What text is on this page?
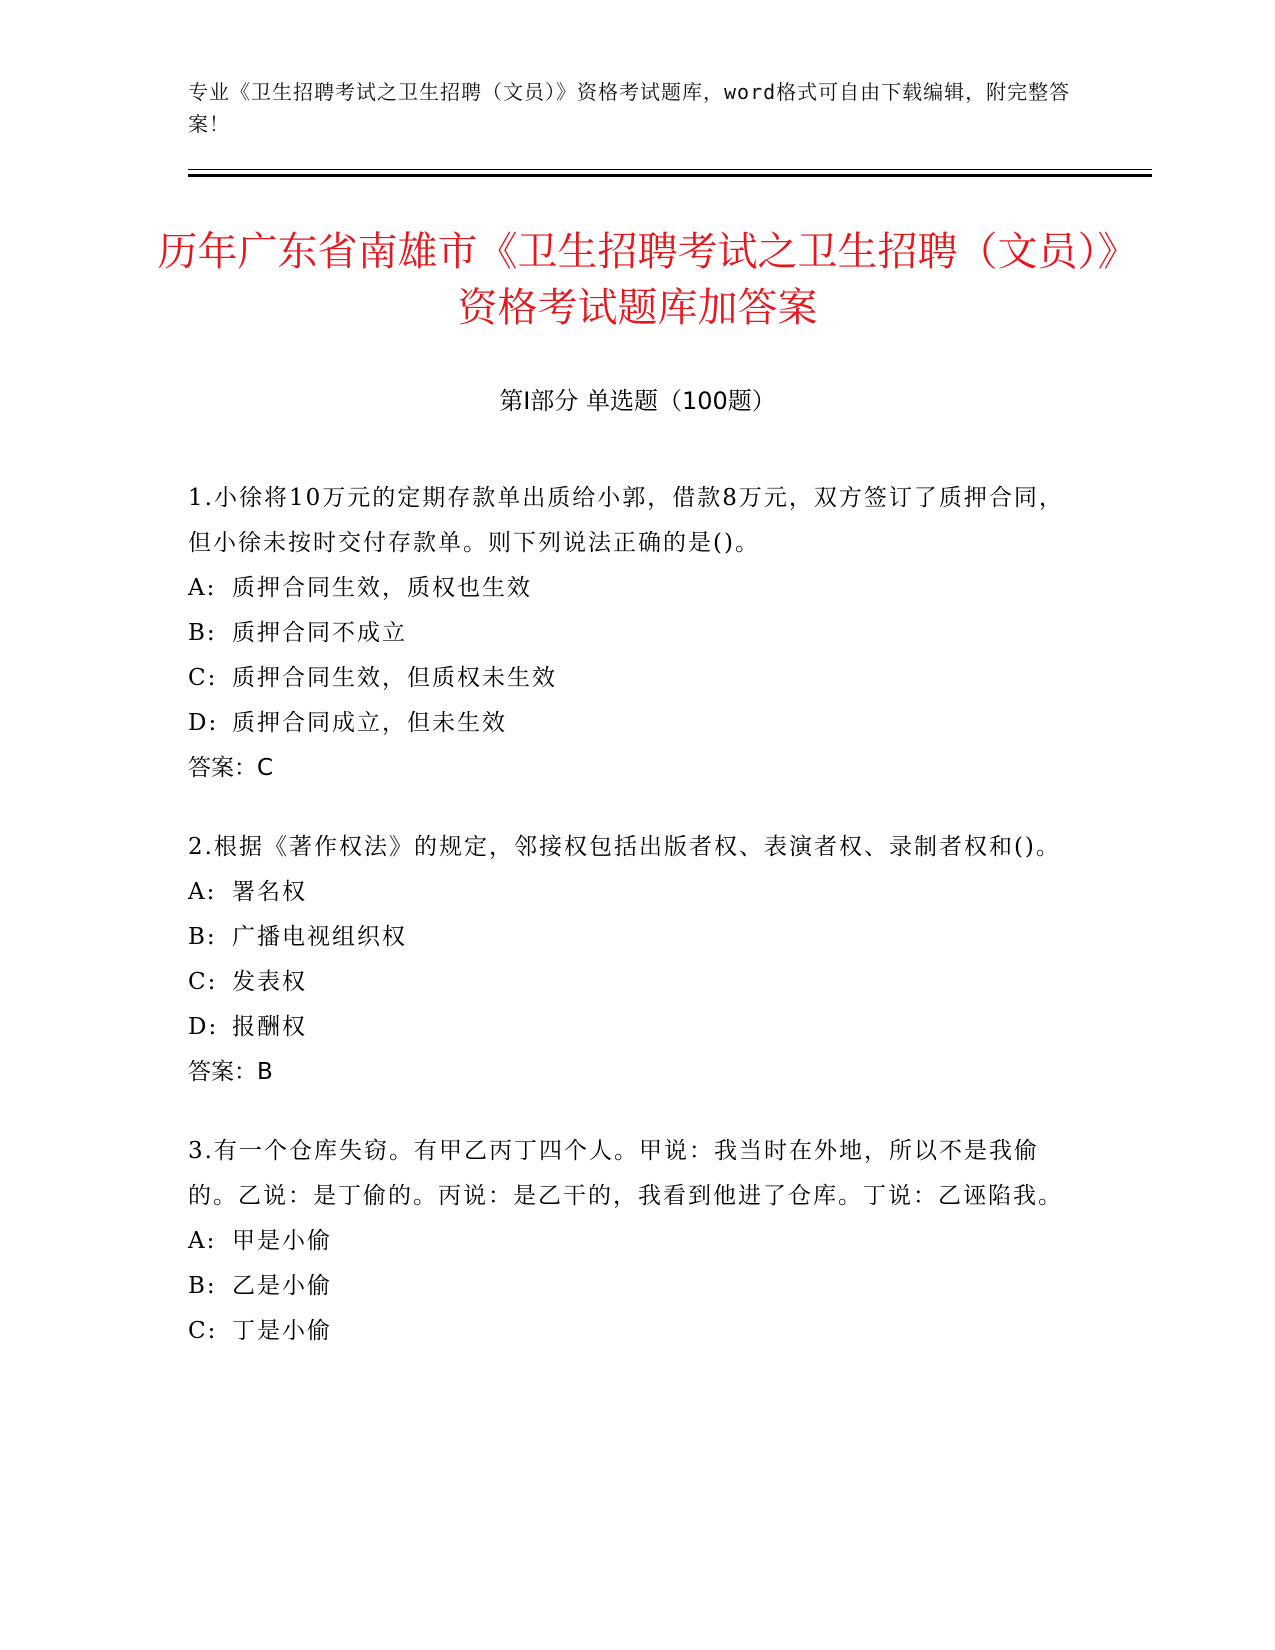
专业《卫生招聘考试之卫生招聘（文员）》资格考试题库，word格式可自由下载编辑，附完整答案！
历年广东省南雄市《卫生招聘考试之卫生招聘（文员）》资格考试题库加答案
第Ⅰ部分 单选题（100题）

1.小徐将10万元的定期存款单出质给小郭，借款8万元，双方签订了质押合同，但小徐未按时交付存款单。则下列说法正确的是()。

A: 质押合同生效，质权也生效

B: 质押合同不成立

C: 质押合同生效，但质权未生效

D: 质押合同成立，但未生效

答案：C

2.根据《著作权法》的规定，邻接权包括出版者权、表演者权、录制者权和()。

A: 署名权

B: 广播电视组织权

C: 发表权

D: 报酬权

答案：B

3.有一个仓库失窃。有甲乙丙丁四个人。甲说：我当时在外地，所以不是我偷的。乙说：是丁偷的。丙说：是乙干的，我看到他进了仓库。丁说：乙诬陷我。

A: 甲是小偷

B: 乙是小偷

C: 丁是小偷
